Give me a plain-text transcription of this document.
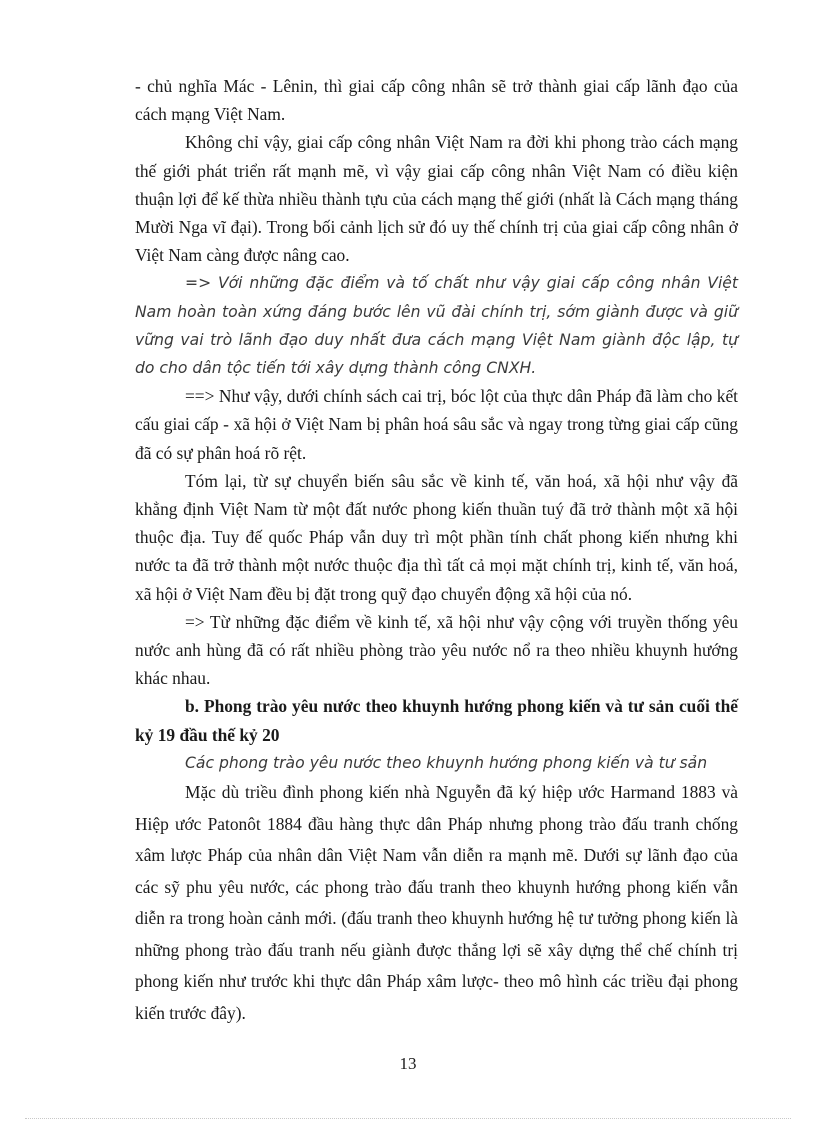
- chủ nghĩa Mác - Lênin, thì giai cấp công nhân sẽ trở thành giai cấp lãnh đạo của cách mạng Việt Nam.

Không chỉ vậy, giai cấp công nhân Việt Nam ra đời khi phong trào cách mạng thế giới phát triển rất mạnh mẽ, vì vậy giai cấp công nhân Việt Nam có điều kiện thuận lợi để kế thừa nhiều thành tựu của cách mạng thế giới (nhất là Cách mạng tháng Mười Nga vĩ đại). Trong bối cảnh lịch sử đó uy thế chính trị của giai cấp công nhân ở Việt Nam càng được nâng cao.

=> Với những đặc điểm và tố chất như vậy giai cấp công nhân Việt Nam hoàn toàn xứng đáng bước lên vũ đài chính trị, sớm giành được và giữ vững vai trò lãnh đạo duy nhất đưa cách mạng Việt Nam giành độc lập, tự do cho dân tộc tiến tới xây dựng thành công CNXH.

==> Như vậy, dưới chính sách cai trị, bóc lột của thực dân Pháp đã làm cho kết cấu giai cấp - xã hội ở Việt Nam bị phân hoá sâu sắc và ngay trong từng giai cấp cũng đã có sự phân hoá rõ rệt.

Tóm lại, từ sự chuyển biến sâu sắc về kinh tế, văn hoá, xã hội như vậy đã khẳng định Việt Nam từ một đất nước phong kiến thuần tuý đã trở thành một xã hội thuộc địa. Tuy đế quốc Pháp vẫn duy trì một phần tính chất phong kiến nhưng khi nước ta đã trở thành một nước thuộc địa thì tất cả mọi mặt chính trị, kinh tế, văn hoá, xã hội ở Việt Nam đều bị đặt trong quỹ đạo chuyển động xã hội của nó.

=> Từ những đặc điểm về kinh tế, xã hội như vậy cộng với truyền thống yêu nước anh hùng đã có rất nhiều phòng trào yêu nước nổ ra theo nhiều khuynh hướng khác nhau.

b. Phong trào yêu nước theo khuynh hướng phong kiến và tư sản cuối thế kỷ 19 đầu thế kỷ 20

Các phong trào yêu nước theo khuynh hướng phong kiến và tư sản

Mặc dù triều đình phong kiến nhà Nguyễn đã ký hiệp ước Harmand 1883 và Hiệp ước Patonôt 1884 đầu hàng thực dân Pháp nhưng phong trào đấu tranh chống xâm lược Pháp của nhân dân Việt Nam vẫn diễn ra mạnh mẽ. Dưới sự lãnh đạo của các sỹ phu yêu nước, các phong trào đấu tranh theo khuynh hướng phong kiến vẫn diễn ra trong hoàn cảnh mới. (đấu tranh theo khuynh hướng hệ tư tưởng phong kiến là những phong trào đấu tranh nếu giành được thắng lợi sẽ xây dựng thể chế chính trị phong kiến như trước khi thực dân Pháp xâm lược- theo mô hình các triều đại phong kiến trước đây).

13
